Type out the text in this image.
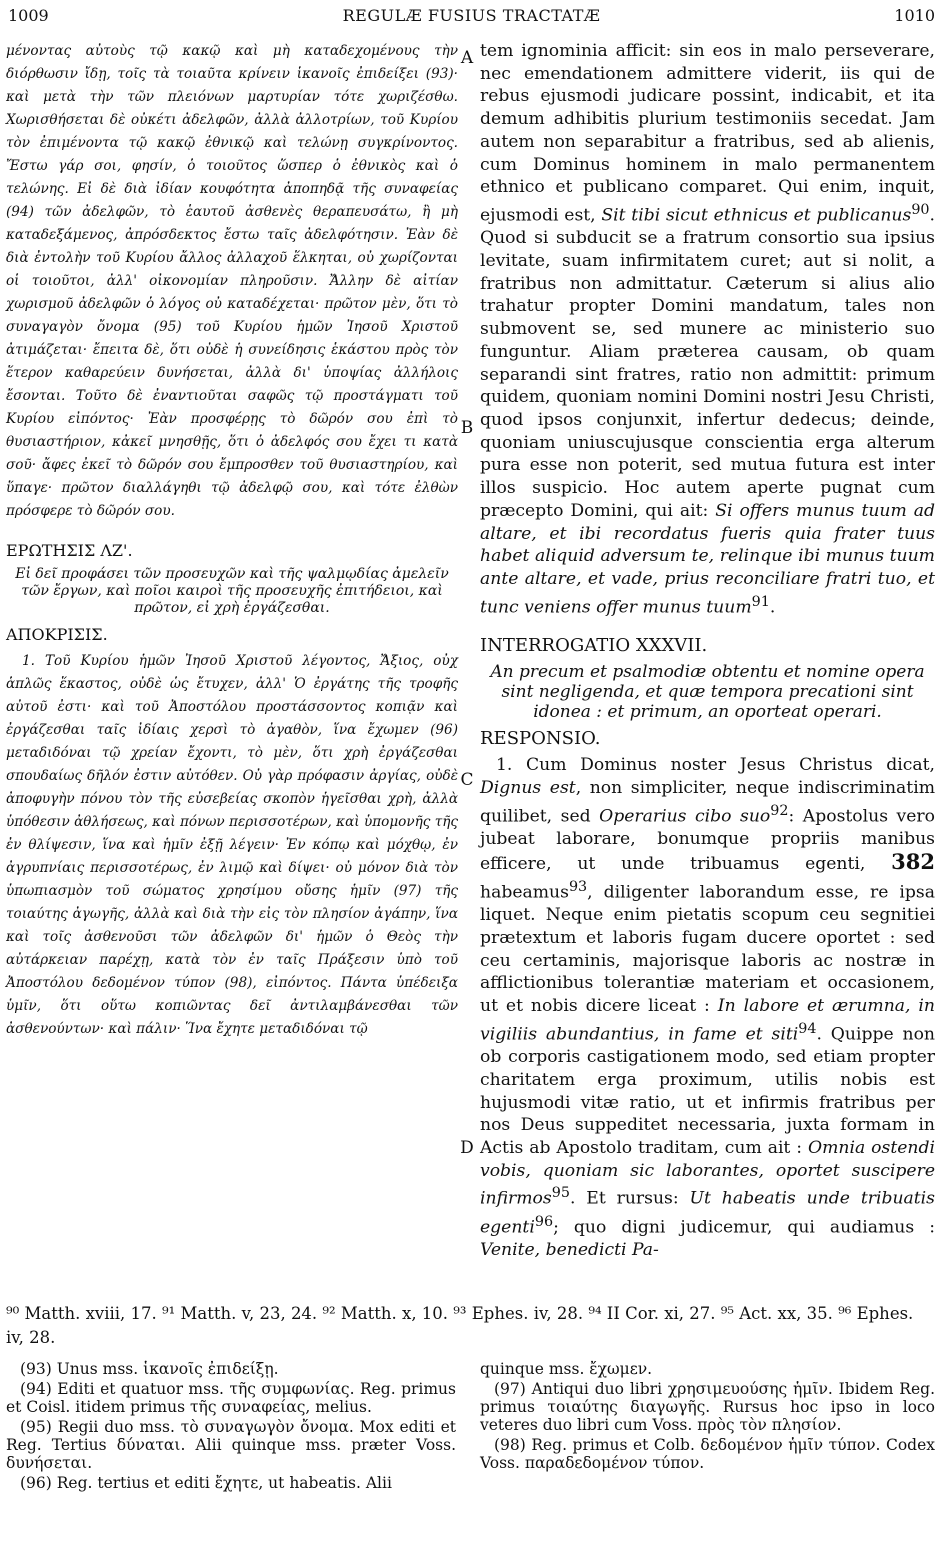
1009	REGULÆ FUSIUS TRACTATÆ	1010
A
B
C
D

μένοντας αὐτοὺς τῷ κακῷ καὶ μὴ καταδεχομένους τὴν διόρθωσιν ἴδῃ, τοῖς τὰ τοιαῦτα κρίνειν ἱκανοῖς ἐπιδείξει (93)· καὶ μετὰ τὴν τῶν πλειόνων μαρτυρίαν τότε χωριζέσθω. Χωρισθήσεται δὲ οὐκέτι ἀδελφῶν, ἀλλὰ ἀλλοτρίων, τοῦ Κυρίου τὸν ἐπιμένοντα τῷ κακῷ ἐθνικῷ καὶ τελώνῃ συγκρίνοντος. Ἔστω γάρ σοι, φησίν, ὁ τοιοῦτος ὥσπερ ὁ ἐθνικὸς καὶ ὁ τελώνης. Εἰ δὲ διὰ ἰδίαν κουφότητα ἀποπηδᾷ τῆς συναφείας (94) τῶν ἀδελφῶν, τὸ ἑαυτοῦ ἀσθενὲς θεραπευσάτω, ἢ μὴ καταδεξάμενος, ἀπρόσδεκτος ἔστω ταῖς ἀδελφότησιν. Ἐὰν δὲ διὰ ἐντολὴν τοῦ Κυρίου ἄλλος ἀλλαχοῦ ἕλκηται, οὐ χωρίζονται οἱ τοιοῦτοι, ἀλλ' οἰκονομίαν πληροῦσιν. Ἄλλην δὲ αἰτίαν χωρισμοῦ ἀδελφῶν ὁ λόγος οὐ καταδέχεται· πρῶτον μὲν, ὅτι τὸ συναγαγὸν ὄνομα (95) τοῦ Κυρίου ἡμῶν Ἰησοῦ Χριστοῦ ἀτιμάζεται· ἔπειτα δὲ, ὅτι οὐδὲ ἡ συνείδησις ἑκάστου πρὸς τὸν ἕτερον καθαρεύειν δυνήσεται, ἀλλὰ δι' ὑποψίας ἀλλήλοις ἔσονται. Τοῦτο δὲ ἐναντιοῦται σαφῶς τῷ προστάγματι τοῦ Κυρίου εἰπόντος· Ἐὰν προσφέρῃς τὸ δῶρόν σου ἐπὶ τὸ θυσιαστήριον, κἀκεῖ μνησθῇς, ὅτι ὁ ἀδελφός σου ἔχει τι κατὰ σοῦ· ἄφες ἐκεῖ τὸ δῶρόν σου ἔμπροσθεν τοῦ θυσιαστηρίου, καὶ ὕπαγε· πρῶτον διαλλάγηθι τῷ ἀδελφῷ σου, καὶ τότε ἐλθὼν πρόσφερε τὸ δῶρόν σου.

ΕΡΩΤΗΣΙΣ ΛΖ'.

Εἰ δεῖ προφάσει τῶν προσευχῶν καὶ τῆς ψαλμῳδίας ἀμελεῖν τῶν ἔργων, καὶ ποῖοι καιροὶ τῆς προσευχῆς ἐπιτήδειοι, καὶ πρῶτον, εἰ χρὴ ἐργάζεσθαι.

ΑΠΟΚΡΙΣΙΣ.

1. Τοῦ Κυρίου ἡμῶν Ἰησοῦ Χριστοῦ λέγοντος, Ἄξιος, οὐχ ἁπλῶς ἕκαστος, οὐδὲ ὡς ἔτυχεν, ἀλλ' Ὁ ἐργάτης τῆς τροφῆς αὐτοῦ ἐστι· καὶ τοῦ Ἀποστόλου προστάσσοντος κοπιᾷν καὶ ἐργάζεσθαι ταῖς ἰδίαις χερσὶ τὸ ἀγαθὸν, ἵνα ἔχωμεν (96) μεταδιδόναι τῷ χρείαν ἔχοντι, τὸ μὲν, ὅτι χρὴ ἐργάζεσθαι σπουδαίως δῆλόν ἐστιν αὐτόθεν. Οὐ γὰρ πρόφασιν ἀργίας, οὐδὲ ἀποφυγὴν πόνου τὸν τῆς εὐσεβείας σκοπὸν ἡγεῖσθαι χρὴ, ἀλλὰ ὑπόθεσιν ἀθλήσεως, καὶ πόνων περισσοτέρων, καὶ ὑπομονῆς τῆς ἐν θλίψεσιν, ἵνα καὶ ἡμῖν ἐξῇ λέγειν· Ἐν κόπῳ καὶ μόχθῳ, ἐν ἀγρυπνίαις περισσοτέρως, ἐν λιμῷ καὶ δίψει· οὐ μόνον διὰ τὸν ὑπωπιασμὸν τοῦ σώματος χρησίμου οὔσης ἡμῖν (97) τῆς τοιαύτης ἀγωγῆς, ἀλλὰ καὶ διὰ τὴν εἰς τὸν πλησίον ἀγάπην, ἵνα καὶ τοῖς ἀσθενοῦσι τῶν ἀδελφῶν δι' ἡμῶν ὁ Θεὸς τὴν αὐτάρκειαν παρέχῃ, κατὰ τὸν ἐν ταῖς Πράξεσιν ὑπὸ τοῦ Ἀποστόλου δεδομένον τύπον (98), εἰπόντος. Πάντα ὑπέδειξα ὑμῖν, ὅτι οὕτω κοπιῶντας δεῖ ἀντιλαμβάνεσθαι τῶν ἀσθενούντων· καὶ πάλιν· Ἵνα ἔχητε μεταδιδόναι τῷ

tem ignominia afficit: sin eos in malo perseverare, nec emendationem admittere viderit, iis qui de rebus ejusmodi judicare possint, indicabit, et ita demum adhibitis plurium testimoniis secedat. Jam autem non separabitur a fratribus, sed ab alienis, cum Dominus hominem in malo permanentem ethnico et publicano comparet. Qui enim, inquit, ejusmodi est, Sit tibi sicut ethnicus et publicanus$^{90}$. Quod si subducit se a fratrum consortio sua ipsius levitate, suam infirmitatem curet; aut si nolit, a fratribus non admittatur. Cæterum si alius alio trahatur propter Domini mandatum, tales non submovent se, sed munere ac ministerio suo funguntur. Aliam præterea causam, ob quam separandi sint fratres, ratio non admittit: primum quidem, quoniam nomini Domini nostri Jesu Christi, quod ipsos conjunxit, infertur dedecus; deinde, quoniam uniuscujusque conscientia erga alterum pura esse non poterit, sed mutua futura est inter illos suspicio. Hoc autem aperte pugnat cum præcepto Domini, qui ait: Si offers munus tuum ad altare, et ibi recordatus fueris quia frater tuus habet aliquid adversum te, relinque ibi munus tuum ante altare, et vade, prius reconciliare fratri tuo, et tunc veniens offer munus tuum$^{91}$.

INTERROGATIO XXXVII.

An precum et psalmodiæ obtentu et nomine opera sint negligenda, et quæ tempora precationi sint idonea : et primum, an oporteat operari.

RESPONSIO.

1. Cum Dominus noster Jesus Christus dicat, Dignus est, non simpliciter, neque indiscriminatim quilibet, sed Operarius cibo suo$^{92}$: Apostolus vero jubeat laborare, bonumque propriis manibus efficere, ut unde tribuamus egenti, 382 habeamus$^{93}$, diligenter laborandum esse, re ipsa liquet. Neque enim pietatis scopum ceu segnitiei prætextum et laboris fugam ducere oportet : sed ceu certaminis, majorisque laboris ac nostræ in afflictionibus tolerantiæ materiam et occasionem, ut et nobis dicere liceat : In labore et ærumna, in vigiliis abundantius, in fame et siti$^{94}$. Quippe non ob corporis castigationem modo, sed etiam propter charitatem erga proximum, utilis nobis est hujusmodi vitæ ratio, ut et infirmis fratribus per nos Deus suppeditet necessaria, juxta formam in Actis ab Apostolo traditam, cum ait : Omnia ostendi vobis, quoniam sic laborantes, oportet suscipere infirmos$^{95}$. Et rursus: Ut habeatis unde tribuatis egenti$^{96}$; quo digni judicemur, qui audiamus : Venite, benedicti Pa-

⁹⁰ Matth. xviii, 17. ⁹¹ Matth. v, 23, 24. ⁹² Matth. x, 10. ⁹³ Ephes. iv, 28. ⁹⁴ II Cor. xi, 27. ⁹⁵ Act. xx, 35. ⁹⁶ Ephes. iv, 28.

(93) Unus mss. ἱκανοῖς ἐπιδείξῃ.

(94) Editi et quatuor mss. τῆς συμφωνίας. Reg. primus et Coisl. itidem primus τῆς συναφείας, melius.

(95) Regii duo mss. τὸ συναγωγὸν ὄνομα. Mox editi et Reg. Tertius δύναται. Alii quinque mss. præter Voss. δυνήσεται.

(96) Reg. tertius et editi ἔχητε, ut habeatis. Alii

quinque mss. ἔχωμεν.

(97) Antiqui duo libri χρησιμευούσης ἡμῖν. Ibidem Reg. primus τοιαύτης διαγωγῆς. Rursus hoc ipso in loco veteres duo libri cum Voss. πρὸς τὸν πλησίον.

(98) Reg. primus et Colb. δεδομένον ἡμῖν τύπον. Codex Voss. παραδεδομένον τύπον.
